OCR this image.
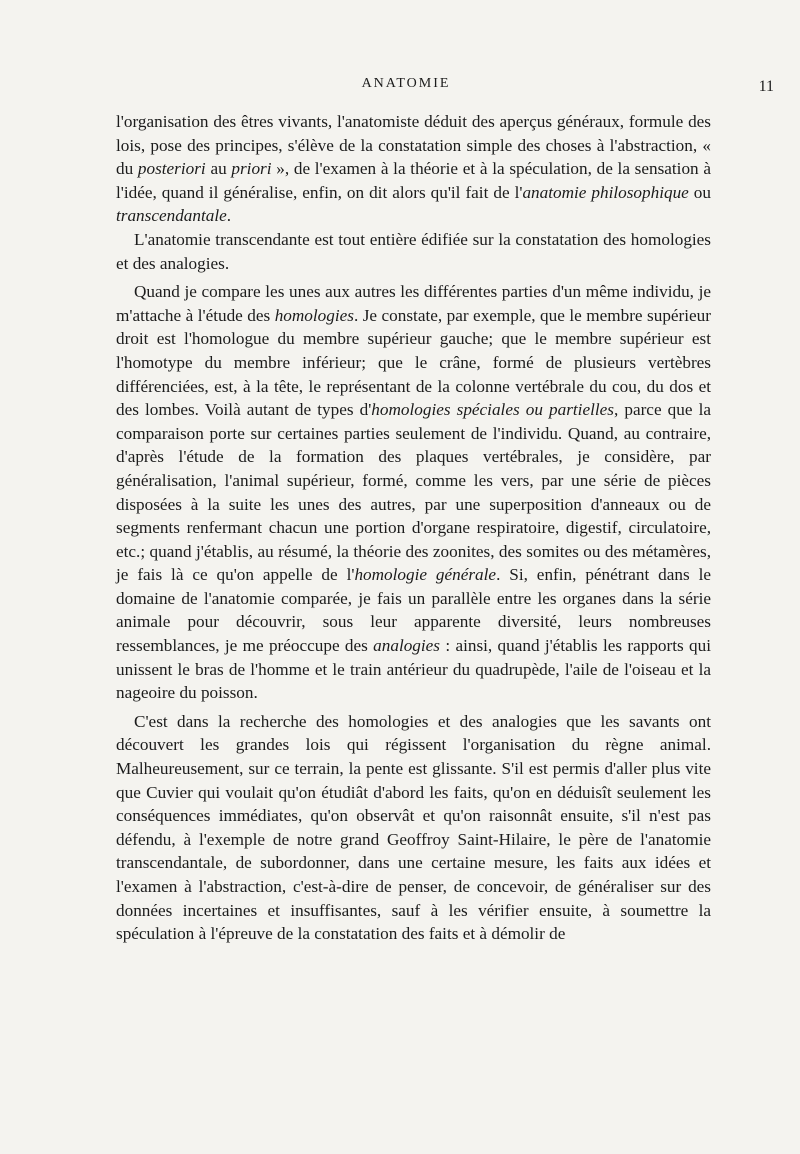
ANATOMIE	11

l'organisation des êtres vivants, l'anatomiste déduit des aperçus généraux, formule des lois, pose des principes, s'élève de la constatation simple des choses à l'abstraction, « du posteriori au priori », de l'examen à la théorie et à la spéculation, de la sensation à l'idée, quand il généralise, enfin, on dit alors qu'il fait de l'anatomie philosophique ou transcendantale.

L'anatomie transcendante est tout entière édifiée sur la constatation des homologies et des analogies.

Quand je compare les unes aux autres les différentes parties d'un même individu, je m'attache à l'étude des homologies. Je constate, par exemple, que le membre supérieur droit est l'homologue du membre supérieur gauche; que le membre supérieur est l'homotype du membre inférieur; que le crâne, formé de plusieurs vertèbres différenciées, est, à la tête, le représentant de la colonne vertébrale du cou, du dos et des lombes. Voilà autant de types d'homologies spéciales ou partielles, parce que la comparaison porte sur certaines parties seulement de l'individu. Quand, au contraire, d'après l'étude de la formation des plaques vertébrales, je considère, par généralisation, l'animal supérieur, formé, comme les vers, par une série de pièces disposées à la suite les unes des autres, par une superposition d'anneaux ou de segments renfermant chacun une portion d'organe respiratoire, digestif, circulatoire, etc.; quand j'établis, au résumé, la théorie des zoonites, des somites ou des métamères, je fais là ce qu'on appelle de l'homologie générale. Si, enfin, pénétrant dans le domaine de l'anatomie comparée, je fais un parallèle entre les organes dans la série animale pour découvrir, sous leur apparente diversité, leurs nombreuses ressemblances, je me préoccupe des analogies : ainsi, quand j'établis les rapports qui unissent le bras de l'homme et le train antérieur du quadrupède, l'aile de l'oiseau et la nageoire du poisson.

C'est dans la recherche des homologies et des analogies que les savants ont découvert les grandes lois qui régissent l'organisation du règne animal. Malheureusement, sur ce terrain, la pente est glissante. S'il est permis d'aller plus vite que Cuvier qui voulait qu'on étudiât d'abord les faits, qu'on en déduisît seulement les conséquences immédiates, qu'on observât et qu'on raisonnât ensuite, s'il n'est pas défendu, à l'exemple de notre grand Geoffroy Saint-Hilaire, le père de l'anatomie transcendantale, de subordonner, dans une certaine mesure, les faits aux idées et l'examen à l'abstraction, c'est-à-dire de penser, de concevoir, de généraliser sur des données incertaines et insuffisantes, sauf à les vérifier ensuite, à soumettre la spéculation à l'épreuve de la constatation des faits et à démolir de
